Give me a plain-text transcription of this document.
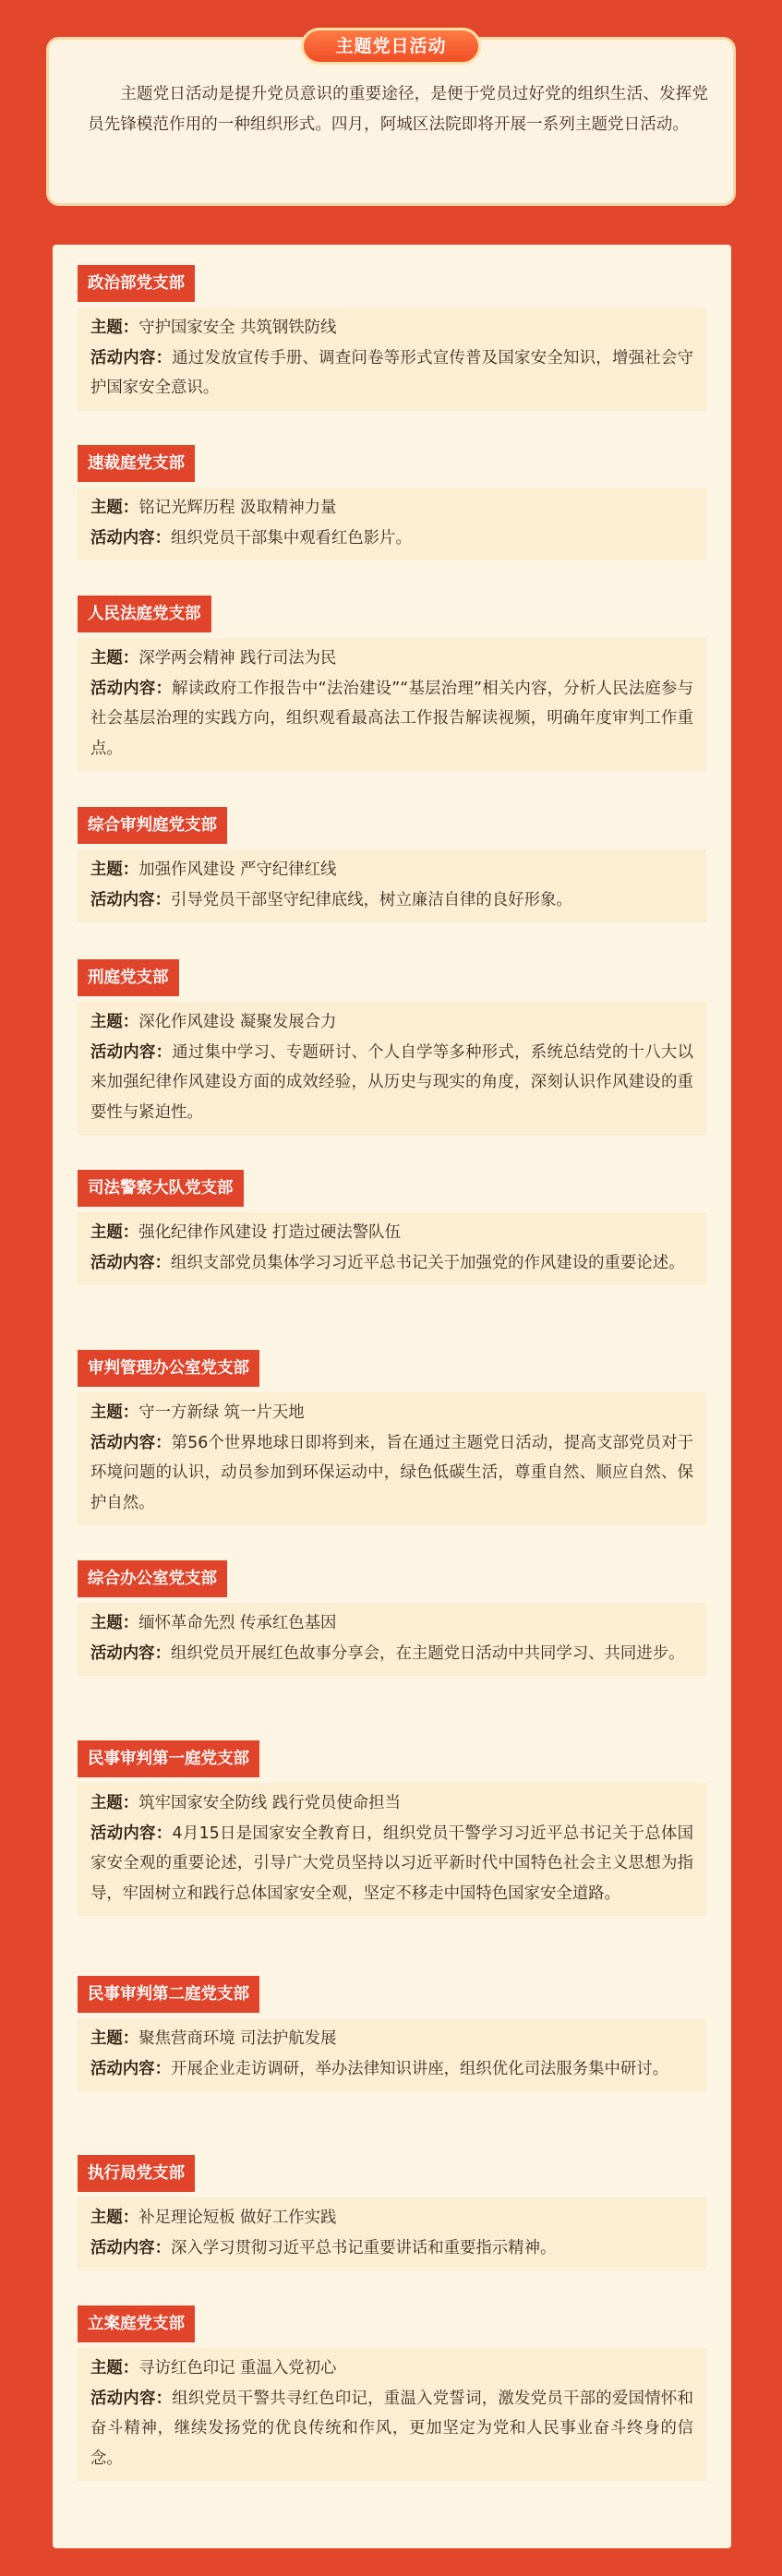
主题党日活动

主题党日活动是提升党员意识的重要途径，是便于党员过好党的组织生活、发挥党员先锋模范作用的一种组织形式。四月，阿城区法院即将开展一系列主题党日活动。

政治部党支部
主题：守护国家安全 共筑钢铁防线
活动内容：通过发放宣传手册、调查问卷等形式宣传普及国家安全知识，增强社会守护国家安全意识。
速裁庭党支部
主题：铭记光辉历程 汲取精神力量
活动内容：组织党员干部集中观看红色影片。
人民法庭党支部
主题：深学两会精神 践行司法为民
活动内容：解读政府工作报告中“法治建设”“基层治理”相关内容，分析人民法庭参与社会基层治理的实践方向，组织观看最高法工作报告解读视频，明确年度审判工作重点。
综合审判庭党支部
主题：加强作风建设 严守纪律红线
活动内容：引导党员干部坚守纪律底线，树立廉洁自律的良好形象。
刑庭党支部
主题：深化作风建设 凝聚发展合力
活动内容：通过集中学习、专题研讨、个人自学等多种形式，系统总结党的十八大以来加强纪律作风建设方面的成效经验，从历史与现实的角度，深刻认识作风建设的重要性与紧迫性。
司法警察大队党支部
主题：强化纪律作风建设 打造过硬法警队伍
活动内容：组织支部党员集体学习习近平总书记关于加强党的作风建设的重要论述。
审判管理办公室党支部
主题：守一方新绿 筑一片天地
活动内容：第56个世界地球日即将到来，旨在通过主题党日活动，提高支部党员对于环境问题的认识，动员参加到环保运动中，绿色低碳生活，尊重自然、顺应自然、保护自然。
综合办公室党支部
主题：缅怀革命先烈 传承红色基因
活动内容：组织党员开展红色故事分享会，在主题党日活动中共同学习、共同进步。
民事审判第一庭党支部
主题：筑牢国家安全防线 践行党员使命担当
活动内容：4月15日是国家安全教育日，组织党员干警学习习近平总书记关于总体国家安全观的重要论述，引导广大党员坚持以习近平新时代中国特色社会主义思想为指导，牢固树立和践行总体国家安全观，坚定不移走中国特色国家安全道路。
民事审判第二庭党支部
主题：聚焦营商环境 司法护航发展
活动内容：开展企业走访调研，举办法律知识讲座，组织优化司法服务集中研讨。
执行局党支部
主题：补足理论短板 做好工作实践
活动内容：深入学习贯彻习近平总书记重要讲话和重要指示精神。
立案庭党支部
主题：寻访红色印记 重温入党初心
活动内容：组织党员干警共寻红色印记，重温入党誓词，激发党员干部的爱国情怀和奋斗精神，继续发扬党的优良传统和作风，更加坚定为党和人民事业奋斗终身的信念。
